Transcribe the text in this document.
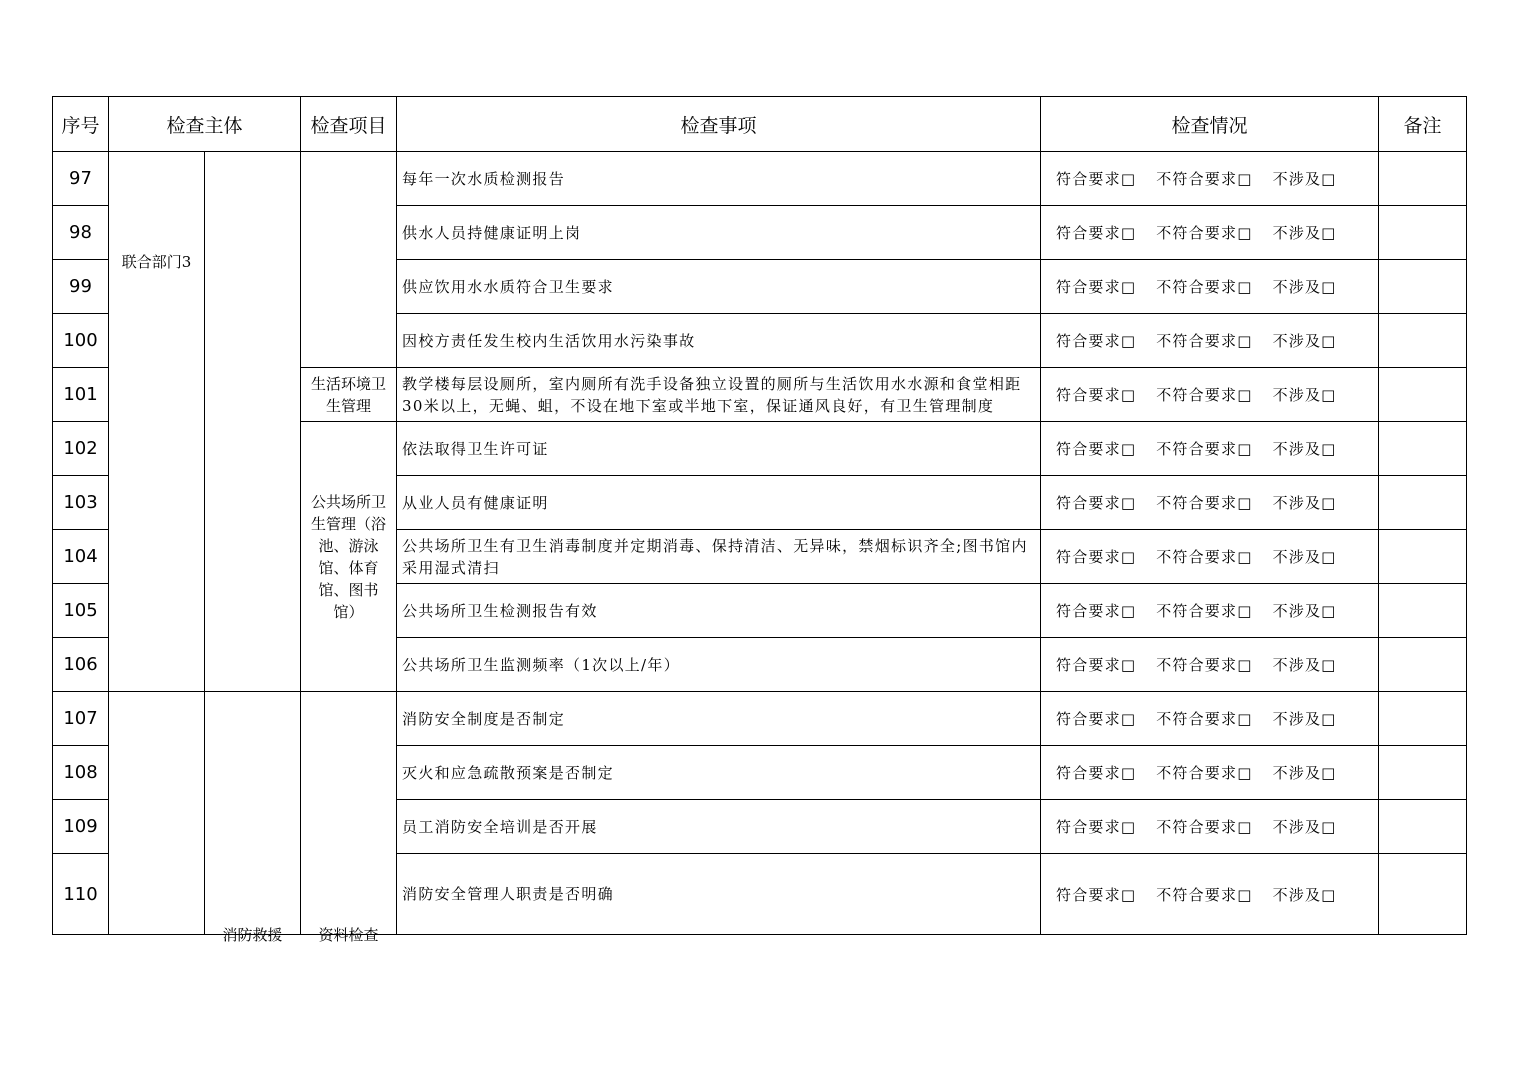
序号	检查主体		检查项目	检查事项	检查情况	备注
97	联合部门3			每年一次水质检测报告	符合要求□ 不符合要求□ 不涉及□	
98				供水人员持健康证明上岗	符合要求□ 不符合要求□ 不涉及□	
99				供应饮用水水质符合卫生要求	符合要求□ 不符合要求□ 不涉及□	
100				因校方责任发生校内生活饮用水污染事故	符合要求□ 不符合要求□ 不涉及□	
101			生活环境卫生管理	教学楼每层设厕所，室内厕所有洗手设备独立设置的厕所与生活饮用水水源和食堂相距30米以上，无蝇、蛆，不设在地下室或半地下室，保证通风良好，有卫生管理制度	符合要求□ 不符合要求□ 不涉及□	
102			公共场所卫生管理（浴池、游泳馆、体育馆、图书馆）	依法取得卫生许可证	符合要求□ 不符合要求□ 不涉及□	
103				从业人员有健康证明	符合要求□ 不符合要求□ 不涉及□	
104				公共场所卫生有卫生消毒制度并定期消毒、保持清洁、无异味，禁烟标识齐全;图书馆内采用湿式清扫	符合要求□ 不符合要求□ 不涉及□	
105				公共场所卫生检测报告有效	符合要求□ 不符合要求□ 不涉及□	
106				公共场所卫生监测频率（1次以上/年）	符合要求□ 不符合要求□ 不涉及□	
107		消防救援	资料检查	消防安全制度是否制定	符合要求□ 不符合要求□ 不涉及□	
108				灭火和应急疏散预案是否制定	符合要求□ 不符合要求□ 不涉及□	
109				员工消防安全培训是否开展	符合要求□ 不符合要求□ 不涉及□	
110				消防安全管理人职责是否明确	符合要求□ 不符合要求□ 不涉及□	
